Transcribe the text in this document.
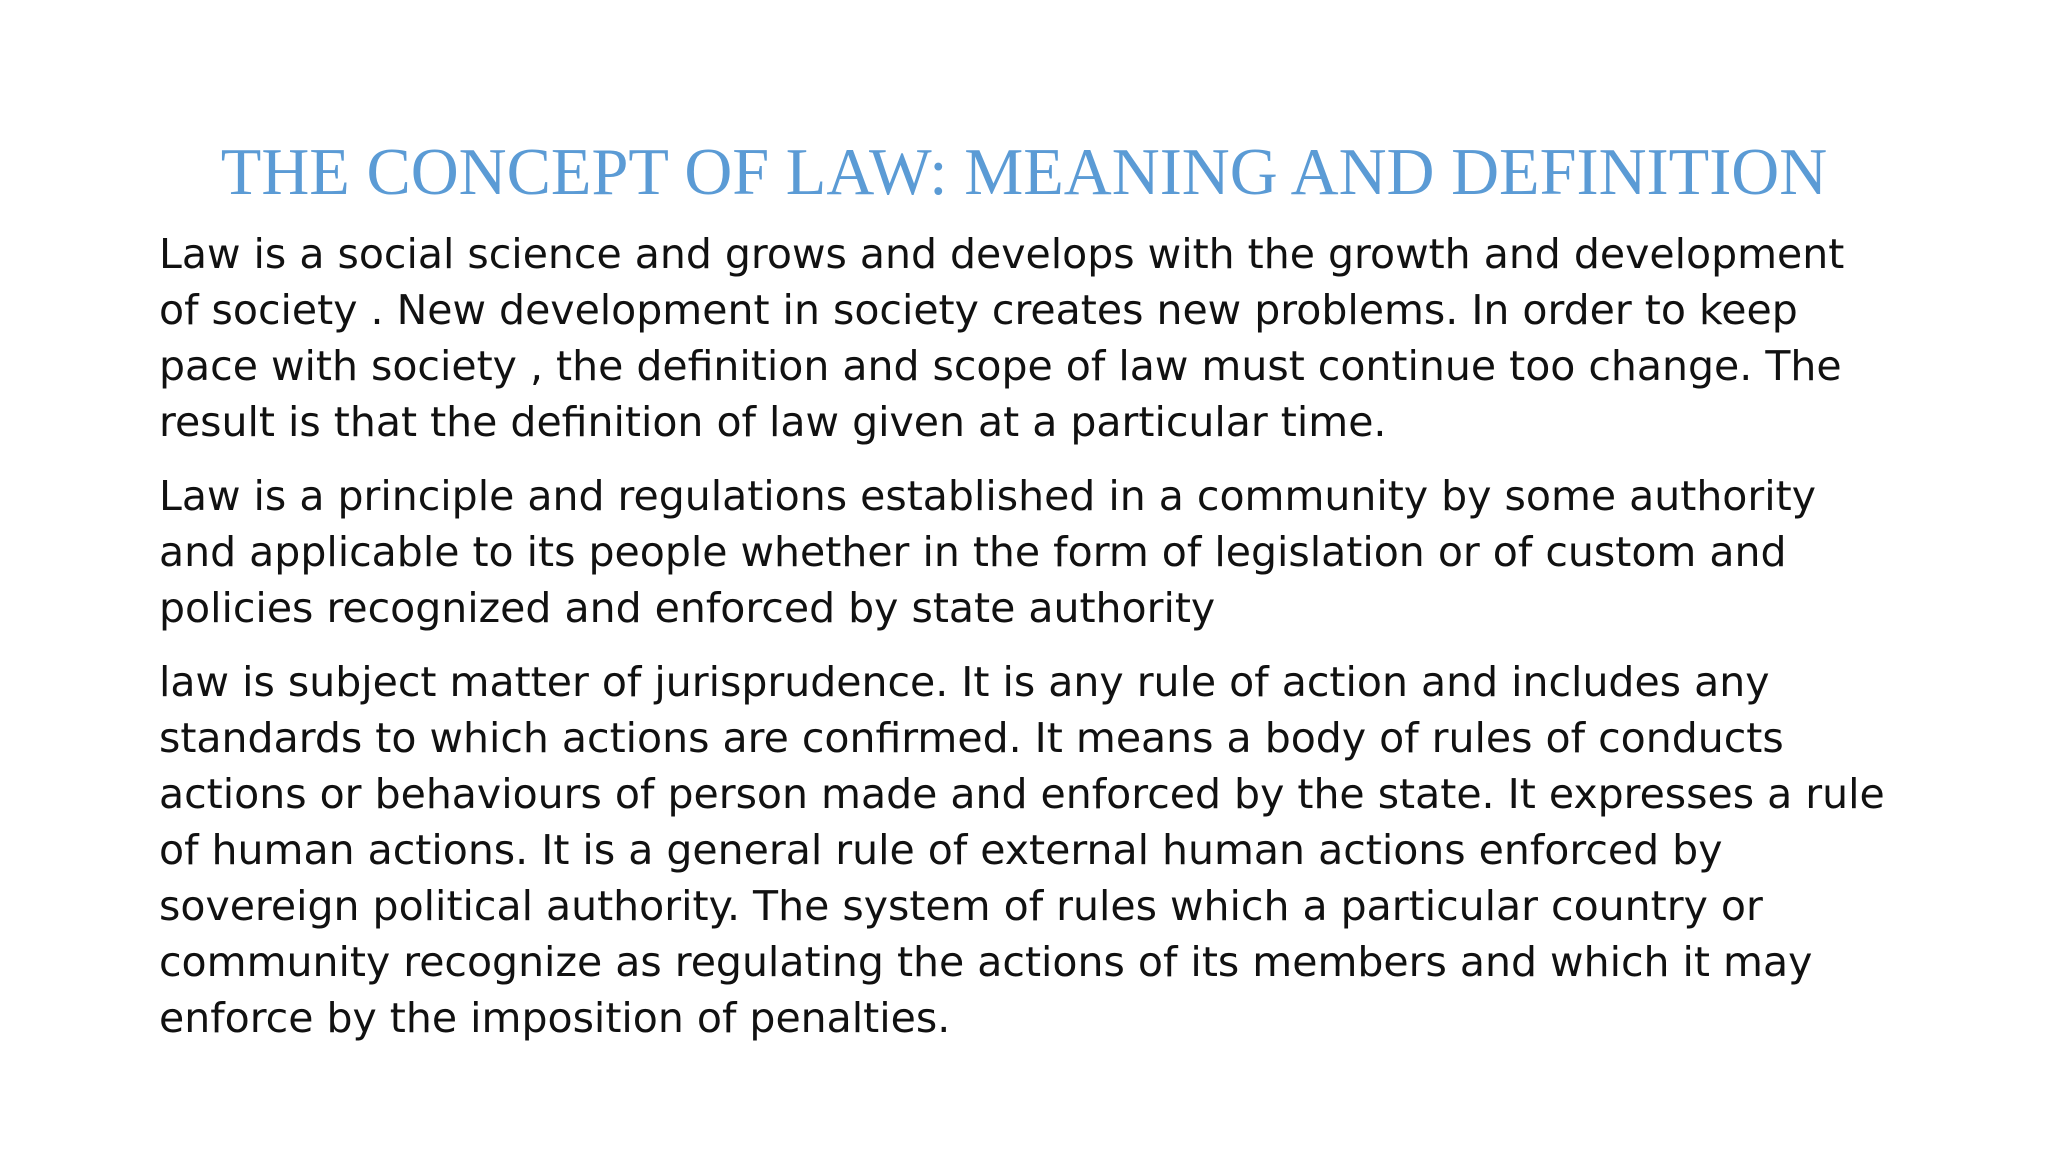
THE CONCEPT OF LAW: MEANING AND DEFINITION

Law is a social science and grows and develops with the growth and development
of society . New development in society creates new problems. In order to keep
pace with society , the definition and scope of law must continue too change. The
result is that the definition of law given at a particular time.

Law is a principle and regulations established in a community by some authority
and applicable to its people whether in the form of legislation or of custom and
policies recognized and enforced by state authority

law is subject matter of jurisprudence. It is any rule of action and includes any
standards to which actions are confirmed. It means a body of rules of conducts
actions or behaviours of person made and enforced by the state. It expresses a rule
of human actions. It is a general rule of external human actions enforced by
sovereign political authority. The system of rules which a particular country or
community recognize as regulating the actions of its members and which it may
enforce by the imposition of penalties.
